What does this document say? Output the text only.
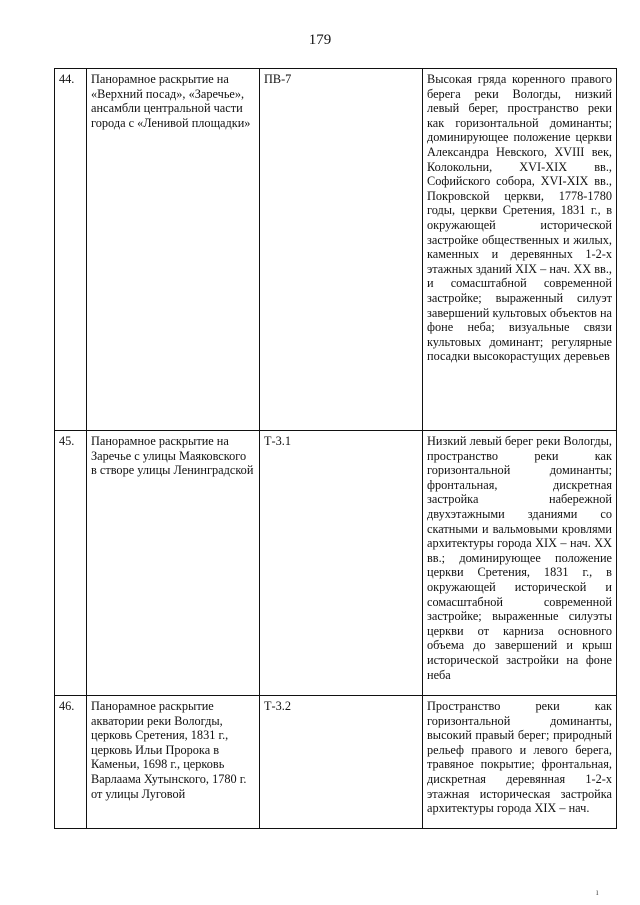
179
44.	Панорамное раскрытие на «Верхний посад», «Заречье», ансамбли центральной части города с «Ленивой площадки»	ПВ-7	Высокая гряда коренного правого берега реки Вологды, низкий левый берег, пространство реки как горизонтальной доминанты; доминирующее положение церкви Александра Невского, XVIII век, Колокольни, XVI-XIX вв., Софийского собора, XVI-XIX вв., Покровской церкви, 1778-1780 годы, церкви Сретения, 1831 г., в окружающей исторической застройке общественных и жилых, каменных и деревянных 1-2-х этажных зданий XIX – нач. XX вв., и сомасштабной современной застройке; выраженный силуэт завершений культовых объектов на фоне неба; визуальные связи культовых доминант; регулярные посадки высокорастущих деревьев
45.	Панорамное раскрытие на Заречье с улицы Маяковского в створе улицы Ленинградской	Т-3.1	Низкий левый берег реки Вологды, пространство реки как горизонтальной доминанты; фронтальная, дискретная застройка набережной двухэтажными зданиями со скатными и вальмовыми кровлями архитектуры города XIX – нач. XX вв.; доминирующее положение церкви Сретения, 1831 г., в окружающей исторической и сомасштабной современной застройке; выраженные силуэты церкви от карниза основного объема до завершений и крыш исторической застройки на фоне неба
46.	Панорамное раскрытие акватории реки Вологды, церковь Сретения, 1831 г., церковь Ильи Пророка в Каменьи, 1698 г., церковь Варлаама Хутынского, 1780 г. от улицы Луговой	Т-3.2	Пространство реки как горизонтальной доминанты, высокий правый берег; природный рельеф правого и левого берега, травяное покрытие; фронтальная, дискретная деревянная 1-2-х этажная историческая застройка архитектуры города XIX – нач.
ı
